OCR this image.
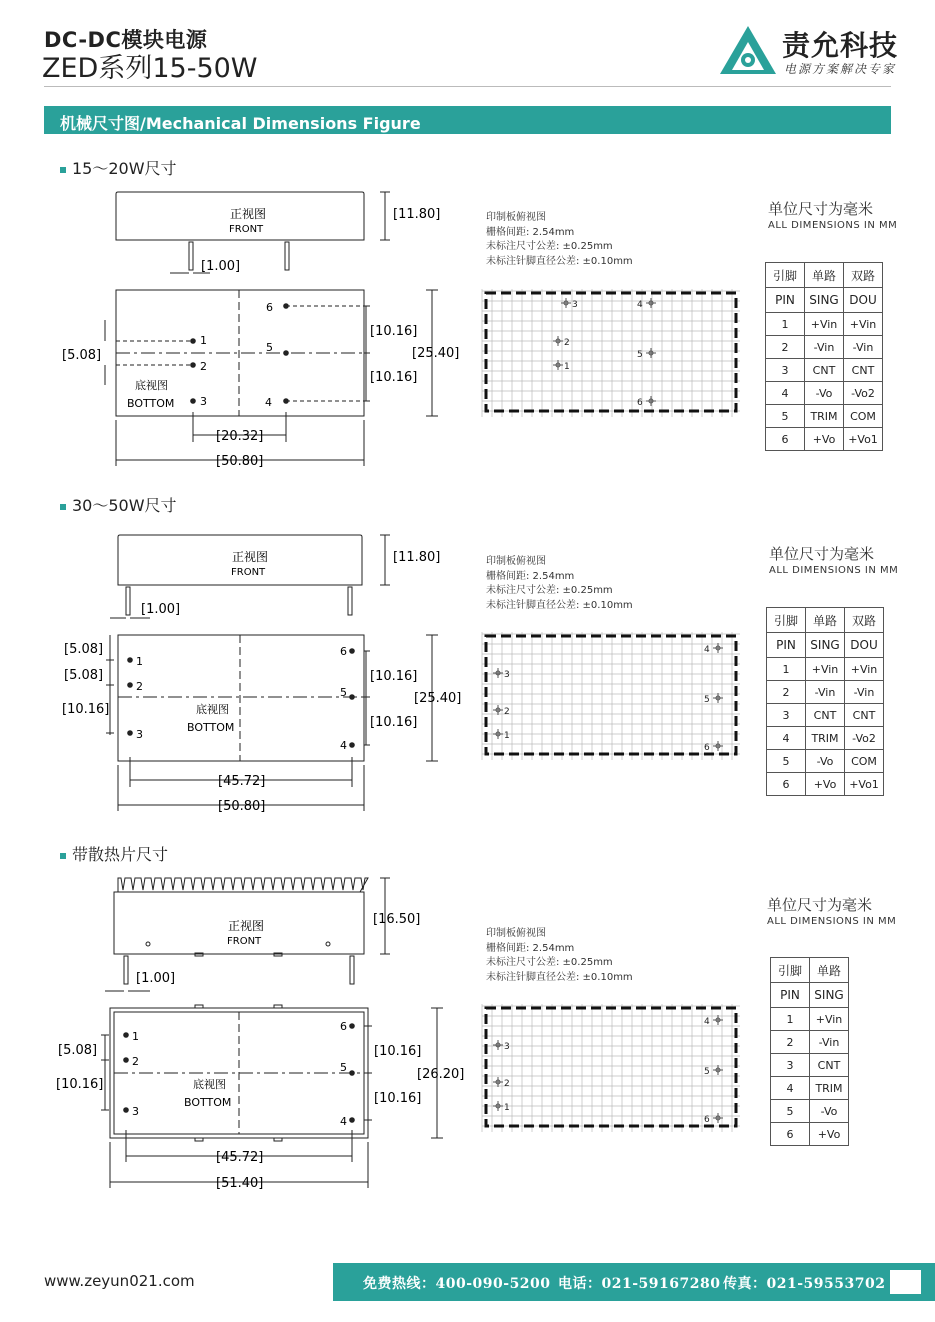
DC-DC模块电源
ZED系列15-50W
责允科技
电源方案解决专家
机械尺寸图/Mechanical Dimensions Figure
15～20W尺寸
正视图
FRONT
底视图
BOTTOM
1
2
3	4
5
6
[11.80]
[1.00]
[5.08]
[10.16]
[10.16]
[25.40]
[20.32]
[50.80]
印制板俯视图
栅格间距: 2.54mm
未标注尺寸公差: ±0.25mm
未标注针脚直径公差: ±0.10mm
3	4
2
5
1
6
单位尺寸为毫米
ALL DIMENSIONS IN MM
引脚	单路	双路
PIN	SING	DOU
1	+Vin	+Vin
2	-Vin	-Vin
3	CNT	CNT
4	-Vo	-Vo2
5	TRIM	COM
6	+Vo	+Vo1
30～50W尺寸
正视图
FRONT
底视图
BOTTOM
1
2
3
4
5
6
[11.80]
[1.00]
[5.08]
[5.08]
[10.16]
[10.16]
[10.16]
[25.40]
[45.72]
[50.80]
印制板俯视图
栅格间距: 2.54mm
未标注尺寸公差: ±0.25mm
未标注针脚直径公差: ±0.10mm
4
3
5
2
1
6
单位尺寸为毫米
ALL DIMENSIONS IN MM
引脚	单路	双路
PIN	SING	DOU
1	+Vin	+Vin
2	-Vin	-Vin
3	CNT	CNT
4	TRIM	-Vo2
5	-Vo	COM
6	+Vo	+Vo1
带散热片尺寸
正视图
FRONT
底视图
BOTTOM
1
2
3
4
5
6
[16.50]
[1.00]
[5.08]
[10.16]
[10.16]
[10.16]
[26.20]
[45.72]
[51.40]
印制板俯视图
栅格间距: 2.54mm
未标注尺寸公差: ±0.25mm
未标注针脚直径公差: ±0.10mm
4
3
5
2
1
6
单位尺寸为毫米
ALL DIMENSIONS IN MM
引脚	单路
PIN	SING
1	+Vin
2	-Vin
3	CNT
4	TRIM
5	-Vo
6	+Vo
www.zeyun021.com	免费热线：400-090-5200 电话：021-59167280 传真：021-59553702
